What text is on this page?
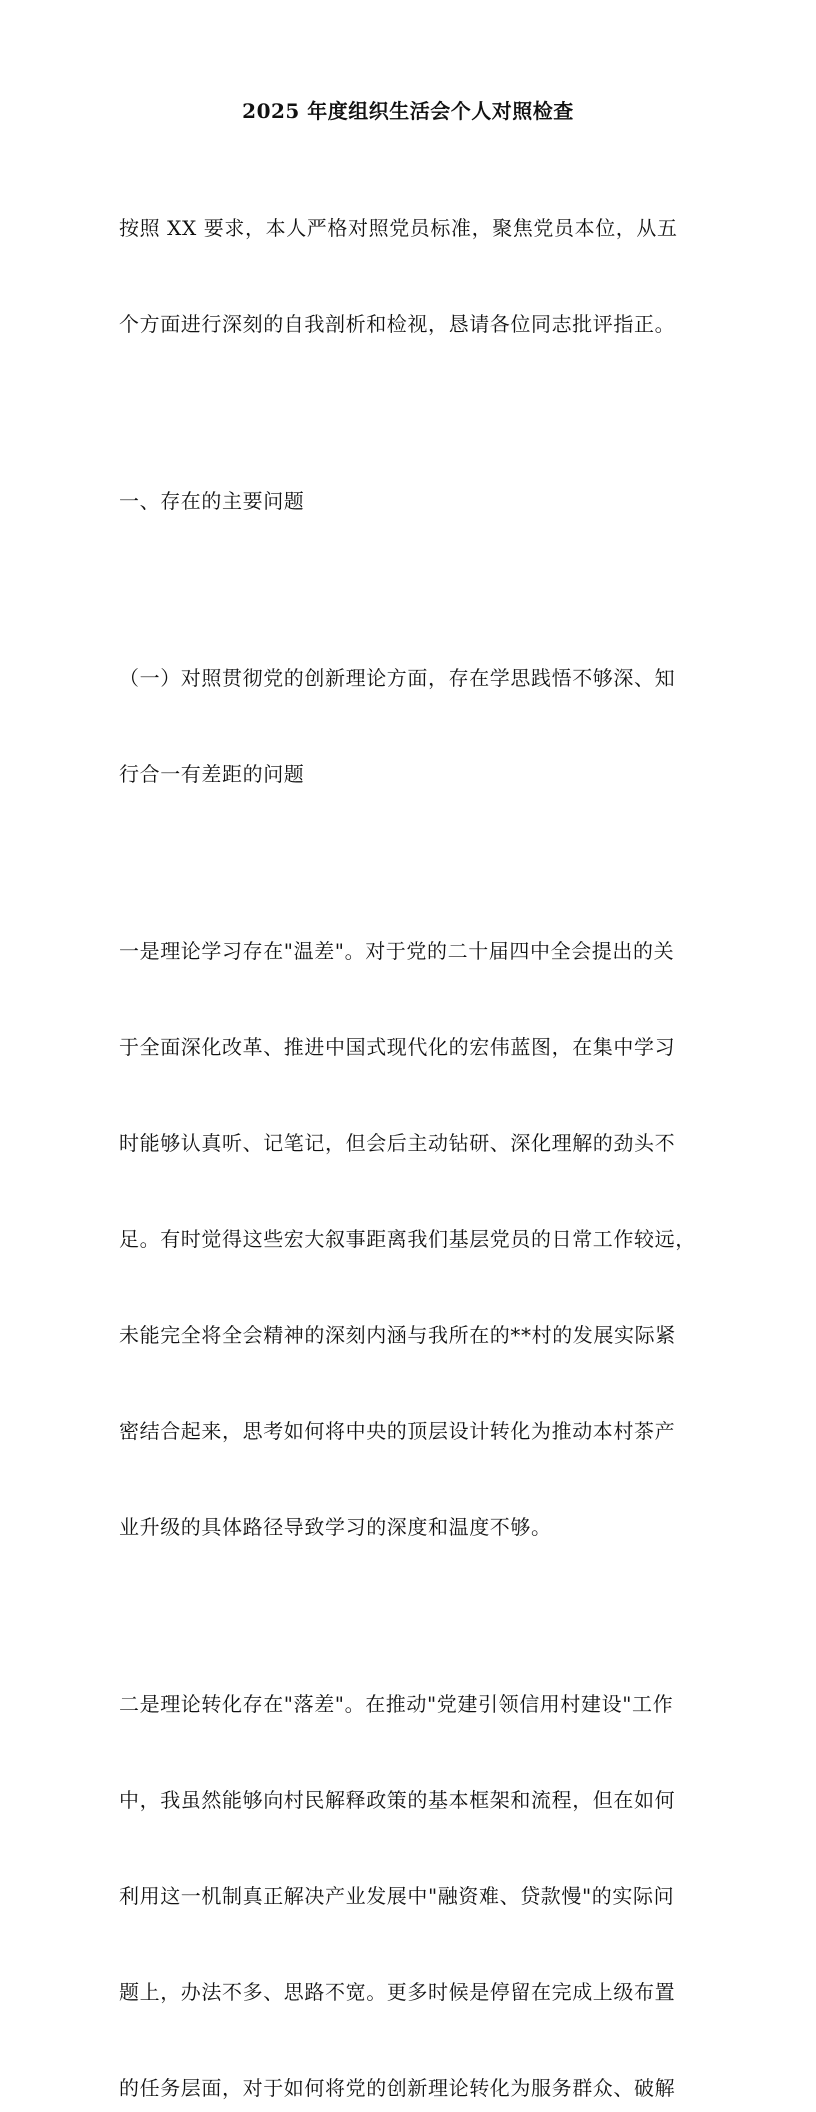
2025 年度组织生活会个人对照检查

按照 XX 要求，本人严格对照党员标准，聚焦党员本位，从五

个方面进行深刻的自我剖析和检视，恳请各位同志批评指正。

一、存在的主要问题

（一）对照贯彻党的创新理论方面，存在学思践悟不够深、知

行合一有差距的问题

一是理论学习存在"温差"。对于党的二十届四中全会提出的关

于全面深化改革、推进中国式现代化的宏伟蓝图，在集中学习

时能够认真听、记笔记，但会后主动钻研、深化理解的劲头不

足。有时觉得这些宏大叙事距离我们基层党员的日常工作较远，

未能完全将全会精神的深刻内涵与我所在的**村的发展实际紧

密结合起来，思考如何将中央的顶层设计转化为推动本村茶产

业升级的具体路径导致学习的深度和温度不够。

二是理论转化存在"落差"。在推动"党建引领信用村建设"工作

中，我虽然能够向村民解释政策的基本框架和流程，但在如何

利用这一机制真正解决产业发展中"融资难、贷款慢"的实际问

题上，办法不多、思路不宽。更多时候是停留在完成上级布置

的任务层面，对于如何将党的创新理论转化为服务群众、破解
